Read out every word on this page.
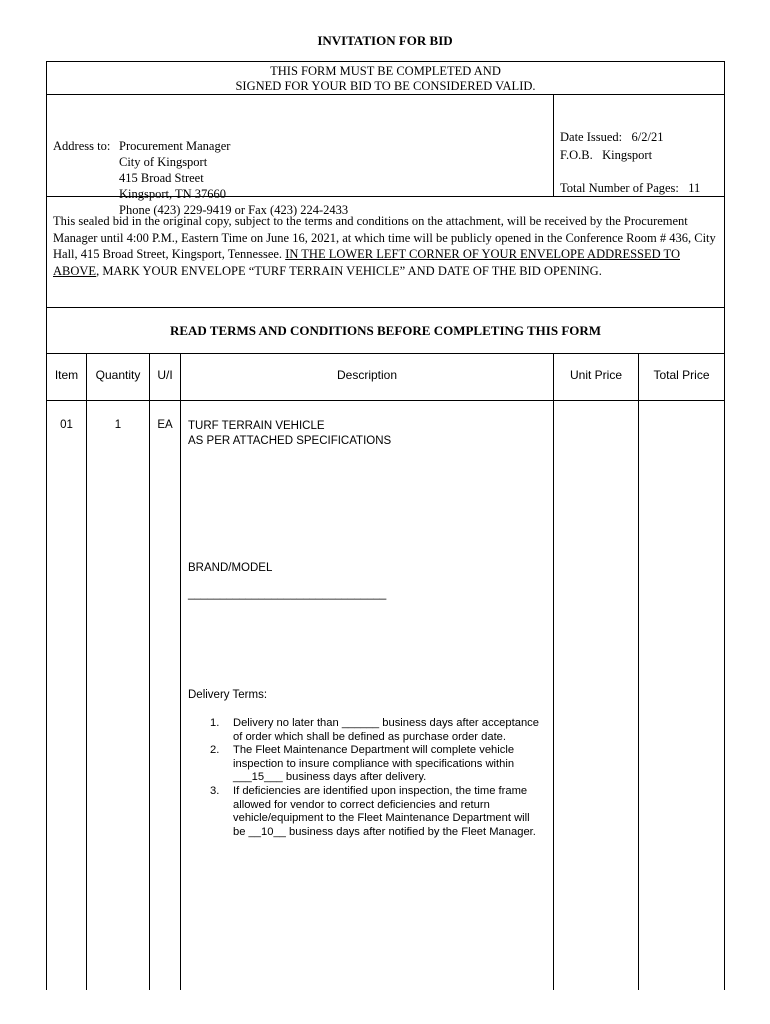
INVITATION FOR BID
THIS FORM MUST BE COMPLETED AND
SIGNED FOR YOUR BID TO BE CONSIDERED VALID.
Address to: Procurement Manager
City of Kingsport
415 Broad Street
Kingsport, TN 37660
Phone (423) 229-9419 or Fax (423) 224-2433
Date Issued:   6/2/21
F.O.B.   Kingsport
Total Number of Pages:   11
This sealed bid in the original copy, subject to the terms and conditions on the attachment, will be received by the Procurement Manager until 4:00 P.M., Eastern Time on June 16, 2021, at which time will be publicly opened in the Conference Room # 436, City Hall, 415 Broad Street, Kingsport, Tennessee. IN THE LOWER LEFT CORNER OF YOUR ENVELOPE ADDRESSED TO ABOVE, MARK YOUR ENVELOPE “TURF TERRAIN VEHICLE” AND DATE OF THE BID OPENING.
READ TERMS AND CONDITIONS BEFORE COMPLETING THIS FORM
Item	Quantity	U/I	Description	Unit Price	Total Price
01	1	EA	TURF TERRAIN VEHICLE
AS PER ATTACHED SPECIFICATIONS
BRAND/MODEL
_______________________________
Delivery Terms:
1.	Delivery no later than ______ business days after acceptance of order which shall be defined as purchase order date.
2.	The Fleet Maintenance Department will complete vehicle inspection to insure compliance with specifications within ___15___ business days after delivery.
3.	If deficiencies are identified upon inspection, the time frame allowed for vendor to correct deficiencies and return vehicle/equipment to the Fleet Maintenance Department will be __10__ business days after notified by the Fleet Manager.
